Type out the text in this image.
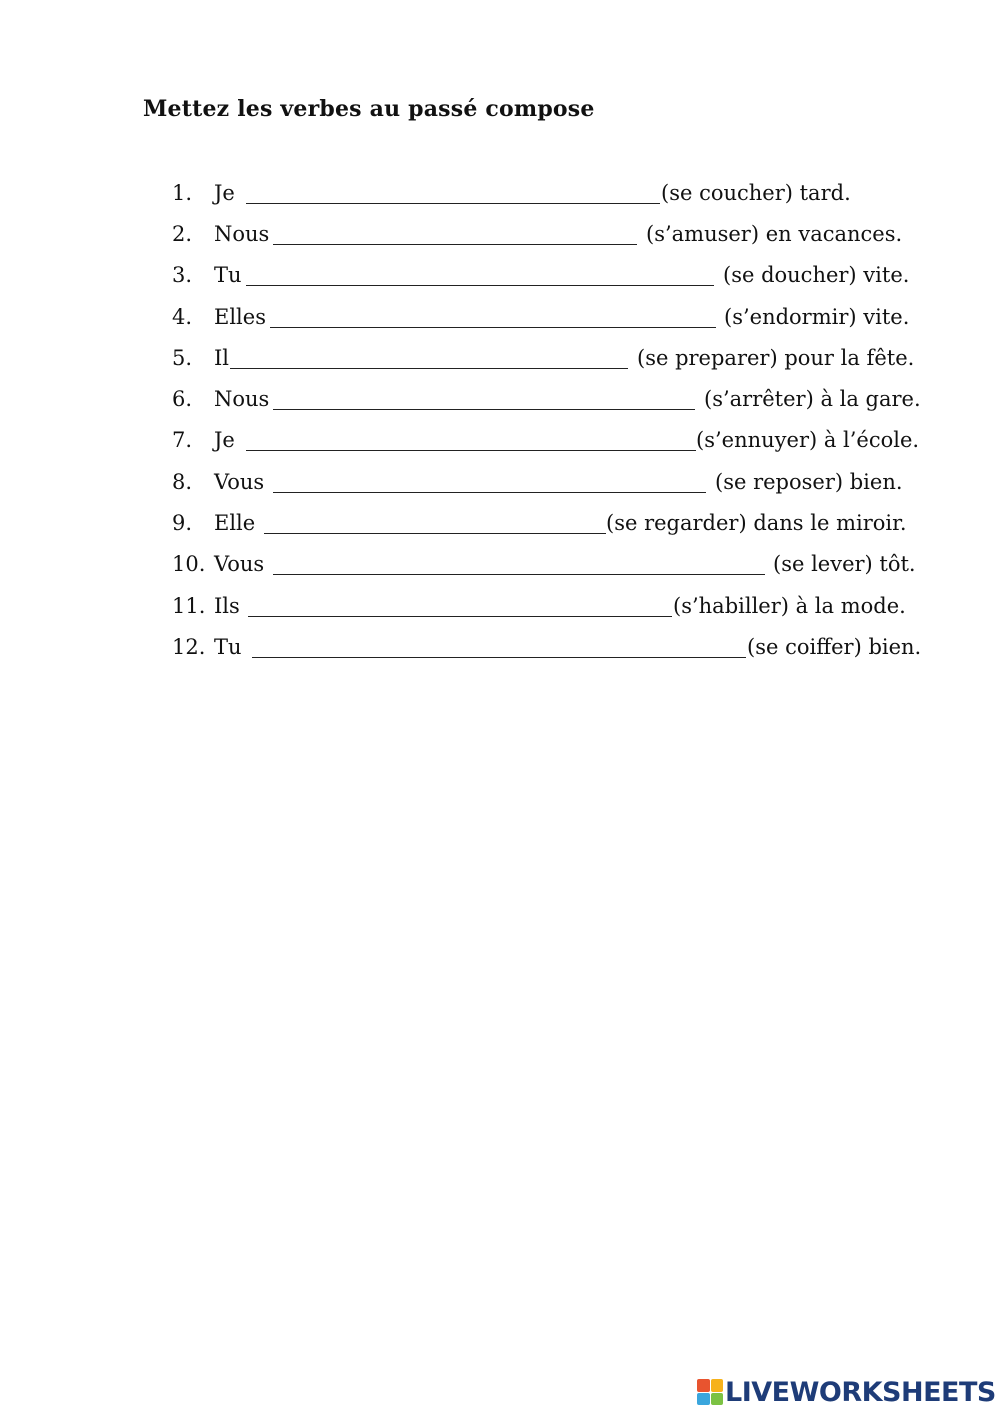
Mettez les verbes au passé compose
1.	Je	(se coucher) tard.
2.	Nous	(s’amuser) en vacances.
3.	Tu	(se doucher) vite.
4.	Elles	(s’endormir) vite.
5.	Il	(se preparer) pour la fête.
6.	Nous	(s’arrêter) à la gare.
7.	Je	(s’ennuyer) à l’école.
8.	Vous	(se reposer) bien.
9.	Elle	(se regarder) dans le miroir.
10. Vous	(se lever) tôt.
11. Ils	(s’habiller) à la mode.
12. Tu	(se coiffer) bien.
LIVEWORKSHEETS
